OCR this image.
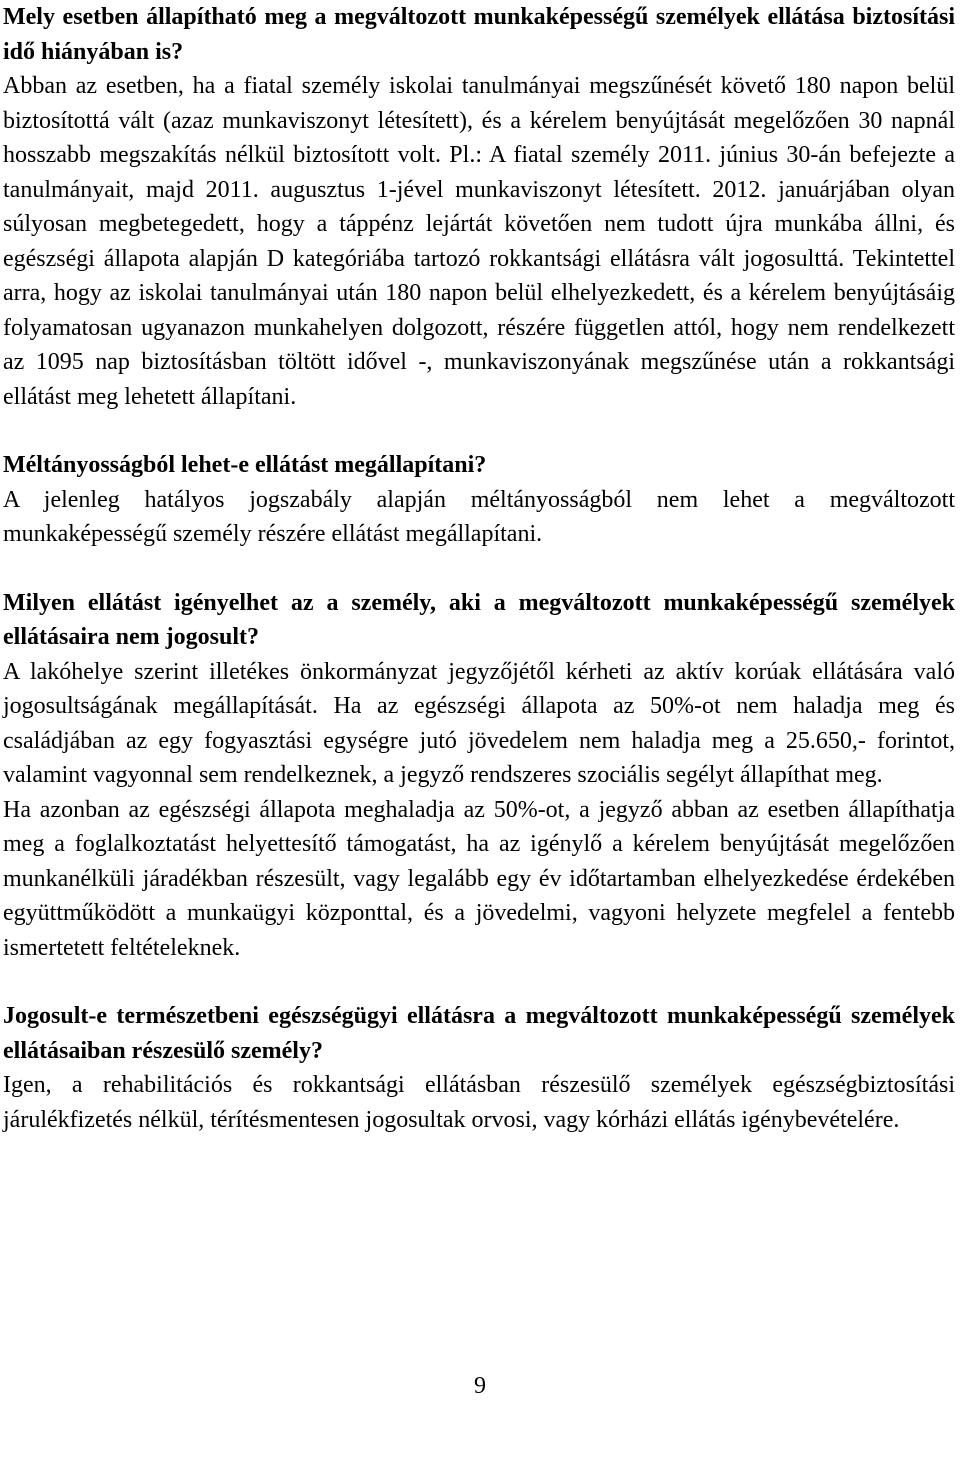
Mely esetben állapítható meg a megváltozott munkaképességű személyek ellátása biztosítási idő hiányában is?

Abban az esetben, ha a fiatal személy iskolai tanulmányai megszűnését követő 180 napon belül biztosítottá vált (azaz munkaviszonyt létesített), és a kérelem benyújtását megelőzően 30 napnál hosszabb megszakítás nélkül biztosított volt. Pl.: A fiatal személy 2011. június 30-án befejezte a tanulmányait, majd 2011. augusztus 1-jével munkaviszonyt létesített. 2012. januárjában olyan súlyosan megbetegedett, hogy a táppénz lejártát követően nem tudott újra munkába állni, és egészségi állapota alapján D kategóriába tartozó rokkantsági ellátásra vált jogosulttá. Tekintettel arra, hogy az iskolai tanulmányai után 180 napon belül elhelyezkedett, és a kérelem benyújtásáig folyamatosan ugyanazon munkahelyen dolgozott, részére független attól, hogy nem rendelkezett az 1095 nap biztosításban töltött idővel -, munkaviszonyának megszűnése után a rokkantsági ellátást meg lehetett állapítani.

Méltányosságból lehet-e ellátást megállapítani?

A jelenleg hatályos jogszabály alapján méltányosságból nem lehet a megváltozott munkaképességű személy részére ellátást megállapítani.

Milyen ellátást igényelhet az a személy, aki a megváltozott munkaképességű személyek ellátásaira nem jogosult?

A lakóhelye szerint illetékes önkormányzat jegyzőjétől kérheti az aktív korúak ellátására való jogosultságának megállapítását. Ha az egészségi állapota az 50%-ot nem haladja meg és családjában az egy fogyasztási egységre jutó jövedelem nem haladja meg a 25.650,- forintot, valamint vagyonnal sem rendelkeznek, a jegyző rendszeres szociális segélyt állapíthat meg.

Ha azonban az egészségi állapota meghaladja az 50%-ot, a jegyző abban az esetben állapíthatja meg a foglalkoztatást helyettesítő támogatást, ha az igénylő a kérelem benyújtását megelőzően munkanélküli járadékban részesült, vagy legalább egy év időtartamban elhelyezkedése érdekében együttműködött a munkaügyi központtal, és a jövedelmi, vagyoni helyzete megfelel a fentebb ismertetett feltételeknek.

Jogosult-e természetbeni egészségügyi ellátásra a megváltozott munkaképességű személyek ellátásaiban részesülő személy?

Igen, a rehabilitációs és rokkantsági ellátásban részesülő személyek egészségbiztosítási járulékfizetés nélkül, térítésmentesen jogosultak orvosi, vagy kórházi ellátás igénybevételére.

9
